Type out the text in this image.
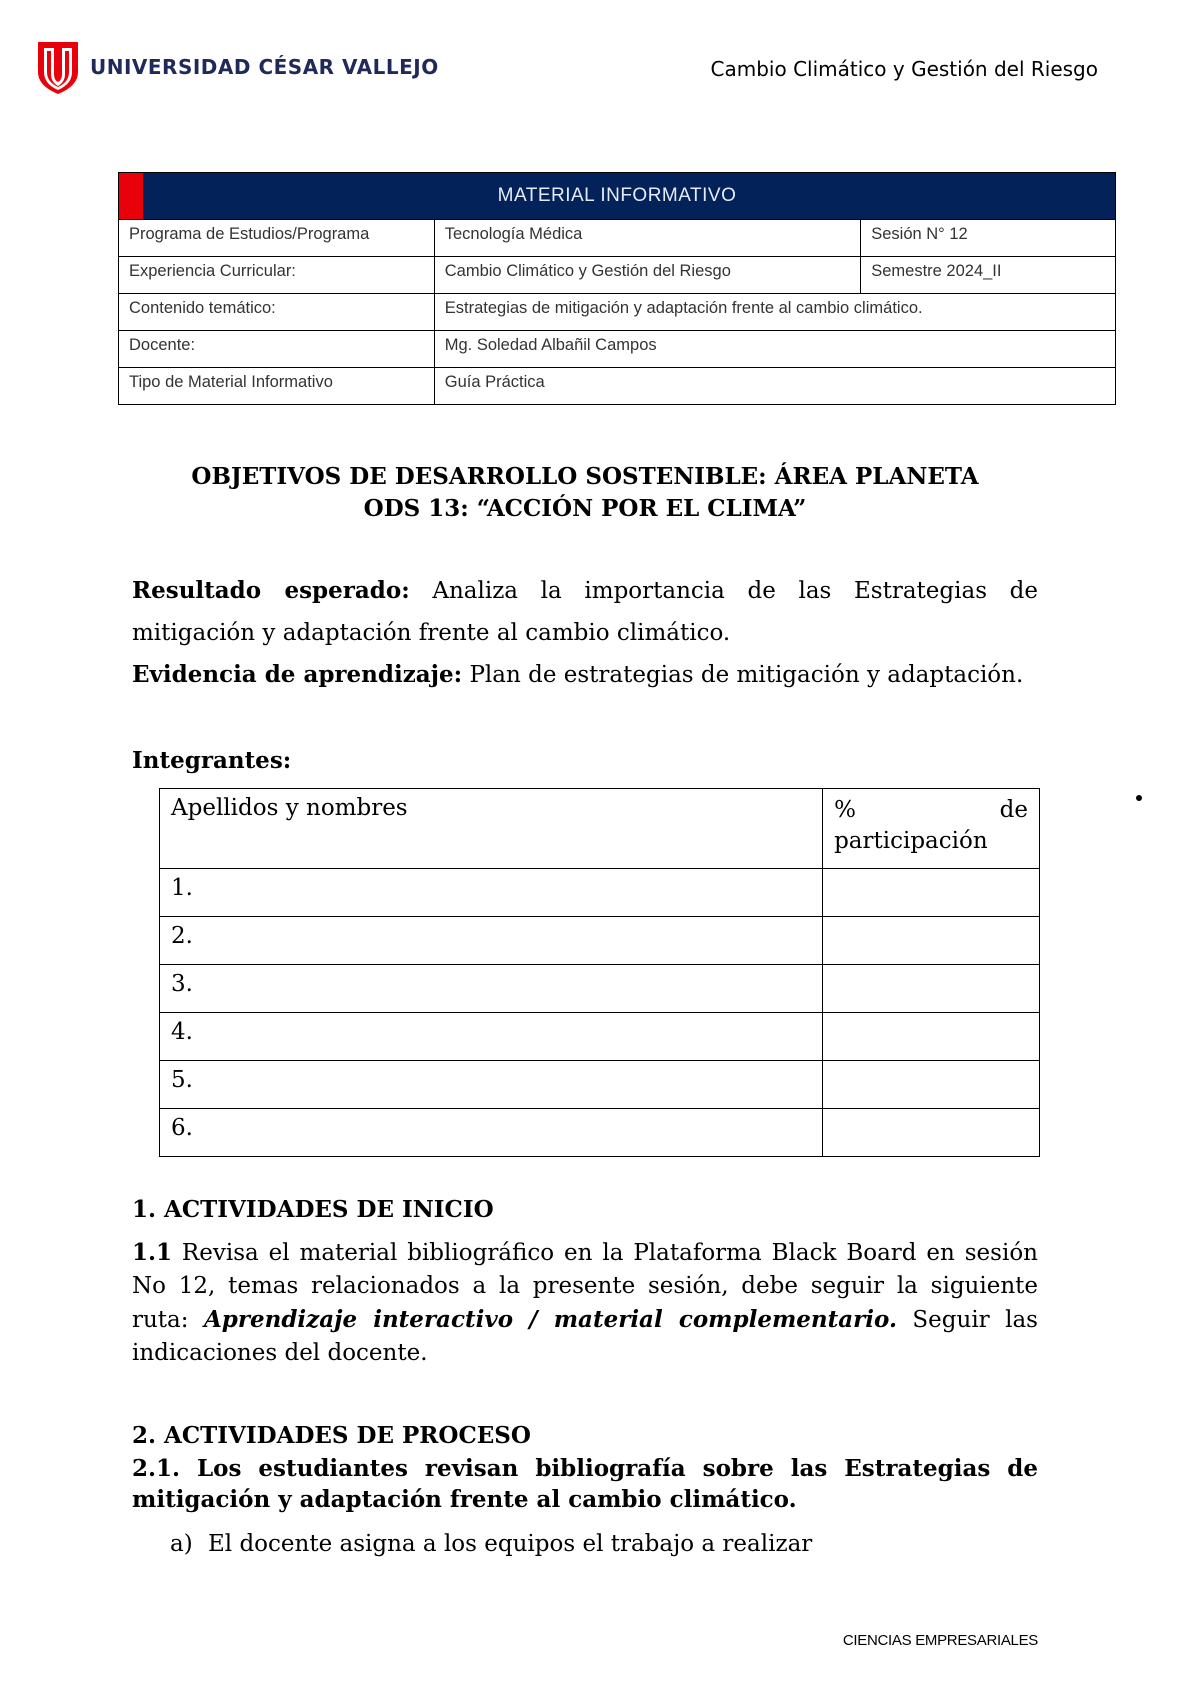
UNIVERSIDAD CÉSAR VALLEJO	Cambio Climático y Gestión del Riesgo
MATERIAL INFORMATIVO		
Programa de Estudios/Programa	Tecnología Médica	Sesión N° 12
Experiencia Curricular:	Cambio Climático y Gestión del Riesgo	Semestre 2024_II
Contenido temático:	Estrategias de mitigación y adaptación frente al cambio climático.	
Docente:	Mg. Soledad Albañil Campos	
Tipo de Material Informativo	Guía Práctica	
OBJETIVOS DE DESARROLLO SOSTENIBLE: ÁREA PLANETA
ODS 13: “ACCIÓN POR EL CLIMA”
Resultado esperado: Analiza la importancia de las Estrategias de mitigación y adaptación frente al cambio climático.
Evidencia de aprendizaje: Plan de estrategias de mitigación y adaptación.
Integrantes:
Apellidos y nombres	% de
participación

1.	
2.	
3.	
4.	
5.	
6.	
1. ACTIVIDADES DE INICIO
1.1 Revisa el material bibliográfico en la Plataforma Black Board en sesión No 12, temas relacionados a la presente sesión, debe seguir la siguiente ruta: Aprendizaje interactivo / material complementario. Seguir las indicaciones del docente.
2. ACTIVIDADES DE PROCESO
2.1. Los estudiantes revisan bibliografía sobre las Estrategias de mitigación y adaptación frente al cambio climático.
a) El docente asigna a los equipos el trabajo a realizar
CIENCIAS EMPRESARIALES
